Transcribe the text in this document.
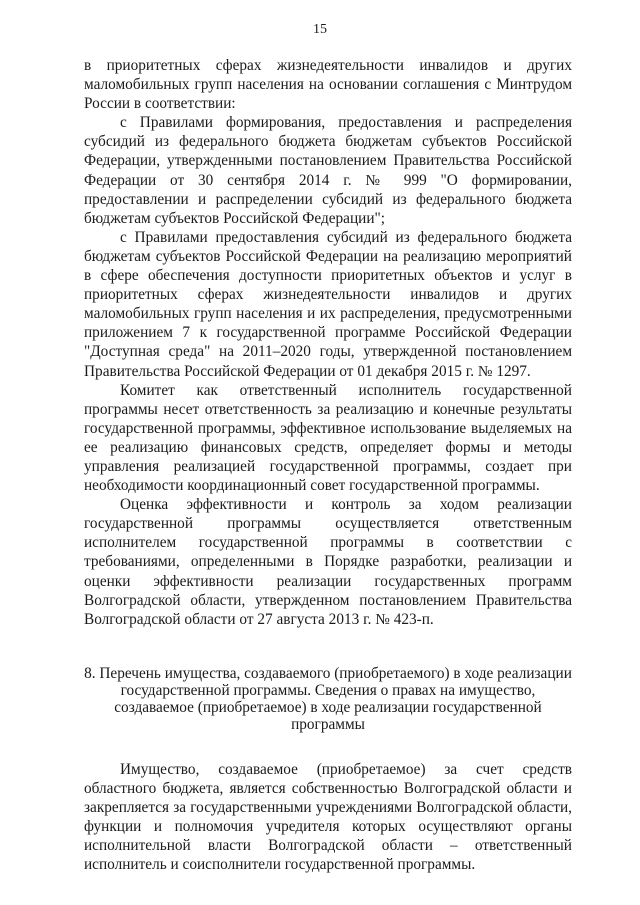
15

в приоритетных сферах жизнедеятельности инвалидов и других маломобильных групп населения на основании соглашения с Минтрудом России в соответствии:

с Правилами формирования, предоставления и распределения субсидий из федерального бюджета бюджетам субъектов Российской Федерации, утвержденными постановлением Правительства Российской Федерации от 30 сентября 2014 г. № 999 "О формировании, предоставлении и распределении субсидий из федерального бюджета бюджетам субъектов Российской Федерации";

с Правилами предоставления субсидий из федерального бюджета бюджетам субъектов Российской Федерации на реализацию мероприятий в сфере обеспечения доступности приоритетных объектов и услуг в приоритетных сферах жизнедеятельности инвалидов и других маломобильных групп населения и их распределения, предусмотренными приложением 7 к государственной программе Российской Федерации "Доступная среда" на 2011–2020 годы, утвержденной постановлением Правительства Российской Федерации от 01 декабря 2015 г. № 1297.

Комитет как ответственный исполнитель государственной программы несет ответственность за реализацию и конечные результаты государственной программы, эффективное использование выделяемых на ее реализацию финансовых средств, определяет формы и методы управления реализацией государственной программы, создает при необходимости координационный совет государственной программы.

Оценка эффективности и контроль за ходом реализации государственной программы осуществляется ответственным исполнителем государственной программы в соответствии с требованиями, определенными в Порядке разработки, реализации и оценки эффективности реализации государственных программ Волгоградской области, утвержденном постановлением Правительства Волгоградской области от 27 августа 2013 г. № 423-п.

8. Перечень имущества, создаваемого (приобретаемого) в ходе реализации государственной программы. Сведения о правах на имущество, создаваемое (приобретаемое) в ходе реализации государственной программы

Имущество, создаваемое (приобретаемое) за счет средств областного бюджета, является собственностью Волгоградской области и закрепляется за государственными учреждениями Волгоградской области, функции и полномочия учредителя которых осуществляют органы исполнительной власти Волгоградской области – ответственный исполнитель и соисполнители государственной программы.
